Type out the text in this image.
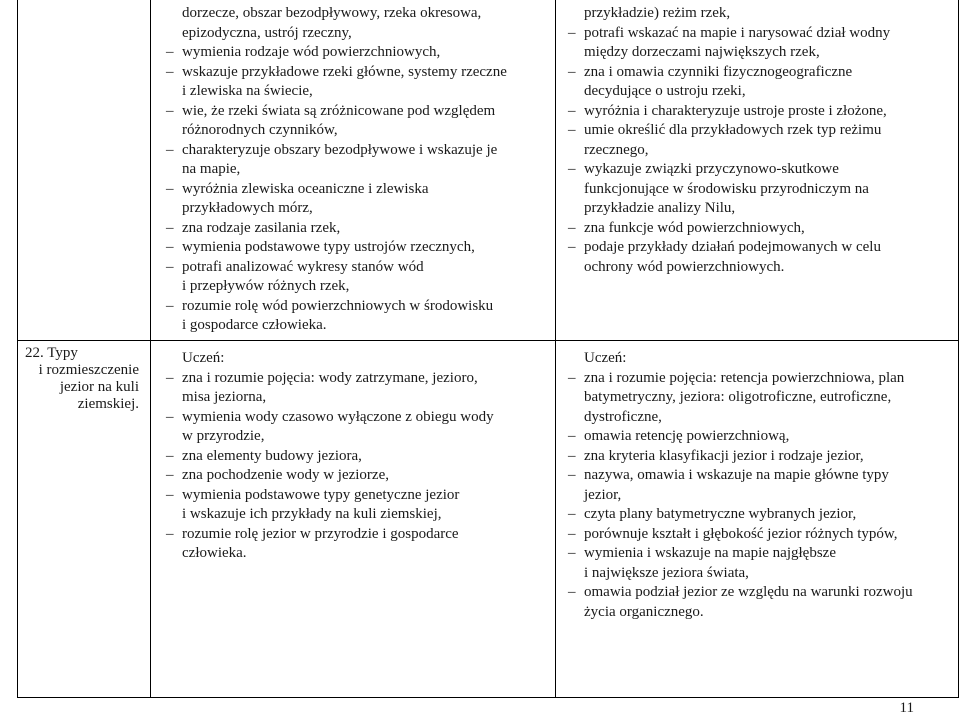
dorzecze, obszar bezodpływowy, rzeka okresowa,
epizodyczna, ustrój rzeczny,
– wymienia rodzaje wód powierzchniowych,
– wskazuje przykładowe rzeki główne, systemy rzeczne
i zlewiska na świecie,
– wie, że rzeki świata są zróżnicowane pod względem
różnorodnych czynników,
– charakteryzuje obszary bezodpływowe i wskazuje je
na mapie,
– wyróżnia zlewiska oceaniczne i zlewiska
przykładowych mórz,
– zna rodzaje zasilania rzek,
– wymienia podstawowe typy ustrojów rzecznych,
– potrafi analizować wykresy stanów wód
i przepływów różnych rzek,
– rozumie rolę wód powierzchniowych w środowisku
i gospodarce człowieka.
przykładzie) reżim rzek,
– potrafi wskazać na mapie i narysować dział wodny
między dorzeczami największych rzek,
– zna i omawia czynniki fizycznogeograficzne
decydujące o ustroju rzeki,
– wyróżnia i charakteryzuje ustroje proste i złożone,
– umie określić dla przykładowych rzek typ reżimu
rzecznego,
– wykazuje związki przyczynowo-skutkowe
funkcjonujące w środowisku przyrodniczym na
przykładzie analizy Nilu,
– zna funkcje wód powierzchniowych,
– podaje przykłady działań podejmowanych w celu
ochrony wód powierzchniowych.
22. Typy
i rozmieszczenie
jezior na kuli
ziemskiej.
Uczeń:
– zna i rozumie pojęcia: wody zatrzymane, jezioro,
misa jeziorna,
– wymienia wody czasowo wyłączone z obiegu wody
w przyrodzie,
– zna elementy budowy jeziora,
– zna pochodzenie wody w jeziorze,
– wymienia podstawowe typy genetyczne jezior
i wskazuje ich przykłady na kuli ziemskiej,
– rozumie rolę jezior w przyrodzie i gospodarce
człowieka.
Uczeń:
– zna i rozumie pojęcia: retencja powierzchniowa, plan
batymetryczny, jeziora: oligotroficzne, eutroficzne,
dystroficzne,
– omawia retencję powierzchniową,
– zna kryteria klasyfikacji jezior i rodzaje jezior,
– nazywa, omawia i wskazuje na mapie główne typy
jezior,
– czyta plany batymetryczne wybranych jezior,
– porównuje kształt i głębokość jezior różnych typów,
– wymienia i wskazuje na mapie najgłębsze
i największe jeziora świata,
– omawia podział jezior ze względu na warunki rozwoju
życia organicznego.
11
